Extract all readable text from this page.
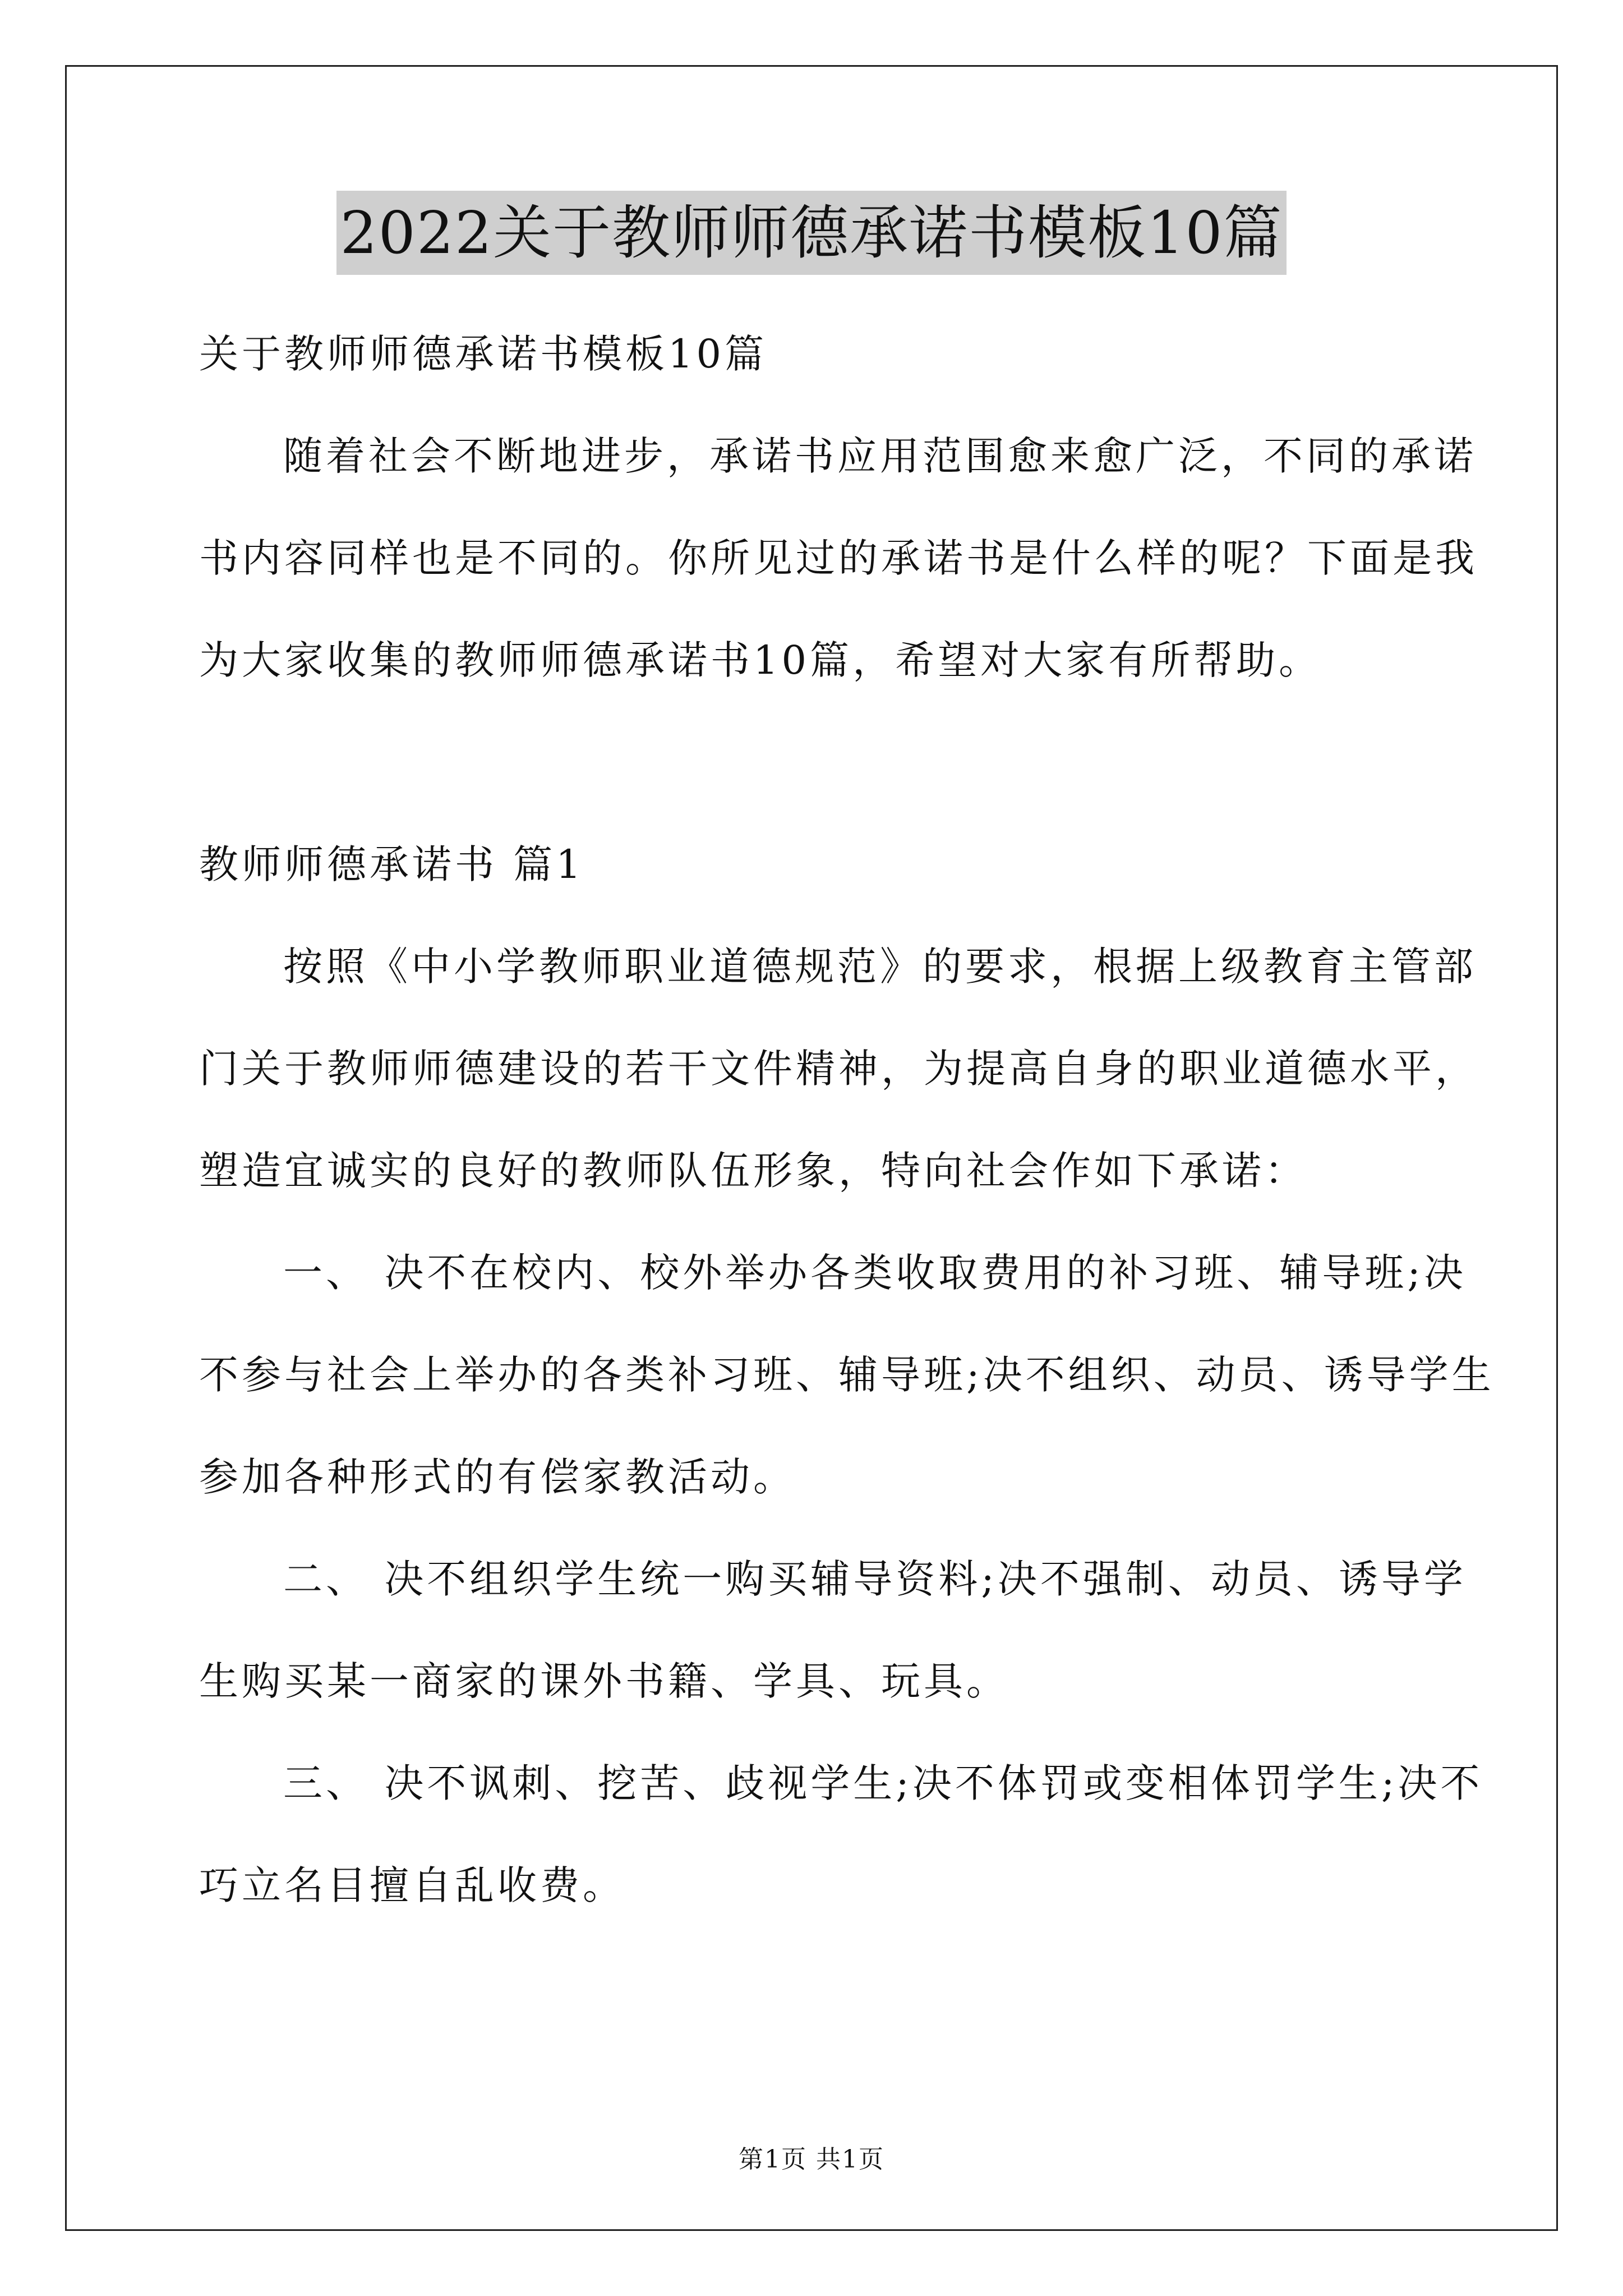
2022关于教师师德承诺书模板10篇
关于教师师德承诺书模板10篇
随着社会不断地进步，承诺书应用范围愈来愈广泛，不同的承诺
书内容同样也是不同的。你所见过的承诺书是什么样的呢？下面是我
为大家收集的教师师德承诺书10篇，希望对大家有所帮助。
教师师德承诺书 篇1
按照《中小学教师职业道德规范》的要求，根据上级教育主管部
门关于教师师德建设的若干文件精神，为提高自身的职业道德水平，
塑造宜诚实的良好的教师队伍形象，特向社会作如下承诺：
一、 决不在校内、校外举办各类收取费用的补习班、辅导班;决
不参与社会上举办的各类补习班、辅导班;决不组织、动员、诱导学生
参加各种形式的有偿家教活动。
二、 决不组织学生统一购买辅导资料;决不强制、动员、诱导学
生购买某一商家的课外书籍、学具、玩具。
三、 决不讽刺、挖苦、歧视学生;决不体罚或变相体罚学生;决不
巧立名目擅自乱收费。
第1页 共1页
